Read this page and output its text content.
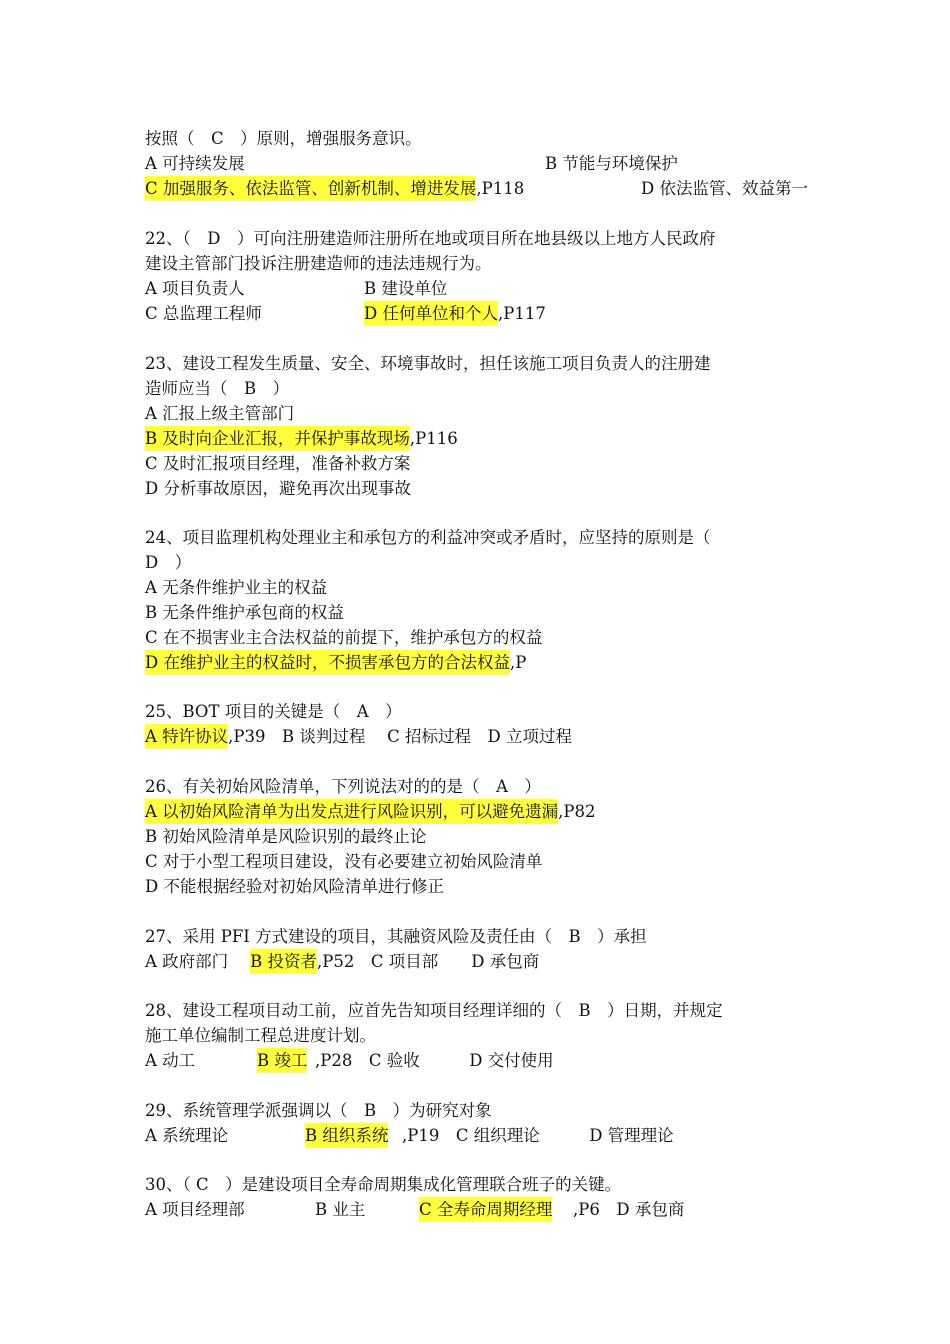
按照（　C　）原则，增强服务意识。
A 可持续发展	B 节能与环境保护
C 加强服务、依法监管、创新机制、增进发展,P118	D 依法监管、效益第一
22、（　D　）可向注册建造师注册所在地或项目所在地县级以上地方人民政府
建设主管部门投诉注册建造师的违法违规行为。
A 项目负责人	B 建设单位
C 总监理工程师	D 任何单位和个人,P117
23、建设工程发生质量、安全、环境事故时，担任该施工项目负责人的注册建
造师应当（　B　）
A 汇报上级主管部门
B 及时向企业汇报，并保护事故现场,P116
C 及时汇报项目经理，准备补救方案
D 分析事故原因，避免再次出现事故
24、项目监理机构处理业主和承包方的利益冲突或矛盾时，应坚持的原则是（
D　）
A 无条件维护业主的权益
B 无条件维护承包商的权益
C 在不损害业主合法权益的前提下，维护承包方的权益
D 在维护业主的权益时，不损害承包方的合法权益,P
25、BOT 项目的关键是（　A　）
A 特许协议,P39　B 谈判过程　 C 招标过程　D 立项过程
26、有关初始风险清单，下列说法对的的是（　A　）
A 以初始风险清单为出发点进行风险识别，可以避免遗漏,P82
B 初始风险清单是风险识别的最终止论
C 对于小型工程项目建设，没有必要建立初始风险清单
D 不能根据经验对初始风险清单进行修正
27、采用 PFI 方式建设的项目，其融资风险及责任由（　B　）承担
A 政府部门 B 投资者,P52　C 项目部　　D 承包商
28、建设工程项目动工前，应首先告知项目经理详细的（　B　）日期，并规定
施工单位编制工程总进度计划。
A 动工	B 竣工 ,P28　C 验收　　　D 交付使用
29、系统管理学派强调以（　B　）为研究对象
A 系统理论	B 组织系统 ,P19　C 组织理论　　　D 管理理论
30、（ C　）是建设项目全寿命周期集成化管理联合班子的关键。
A 项目经理部	B 业主	C 全寿命周期经理 ,P6　D 承包商
